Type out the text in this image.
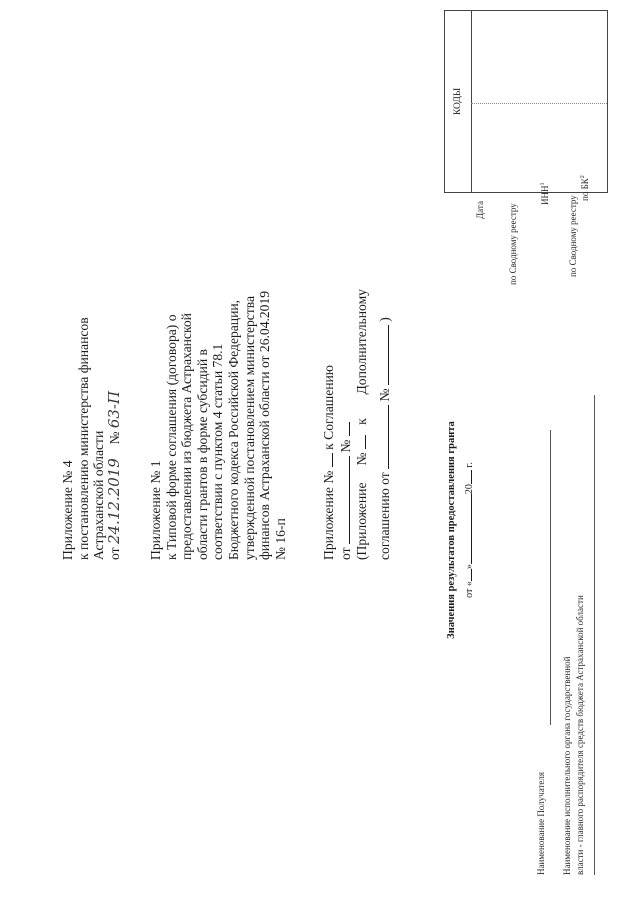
Приложение № 4 к постановлению министерства финансов Астраханской области от 24.12.2019    № 63-П
Приложение № 1 к Типовой форме соглашения (договора) о предоставлении из бюджета Астраханской области грантов в форме субсидий в соответствии с пунктом 4 статьи 78.1 Бюджетного кодекса Российской Федерации, утвержденной постановлением министерства финансов Астраханской области от 26.04.2019 № 16-п Приложение №  к Соглашению
от  №
(Приложение     №    к       Дополнительному
соглашению от  №  )
Значения результатов предоставления гранта от «»20 г.
КОДЫ
Дата	по Сводному реестру
ИНН$^1$
по Сводному реестру
по $БК^2$
Наименование Получателя Наименование исполнительного органа государственной власти - главного распорядителя средств бюджета Астраханской области
